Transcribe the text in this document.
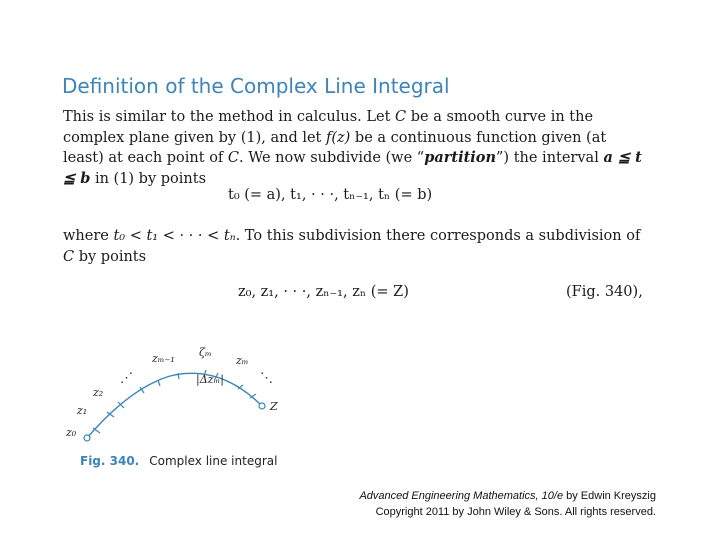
Definition of the Complex Line Integral
This is similar to the method in calculus. Let C be a smooth curve in the complex plane given by (1), and let f(z) be a continuous function given (at least) at each point of C. We now subdivide (we “partition”) the interval a ≦ t ≦ b in (1) by points
t₀ (= a), t₁, · · ·, tₙ₋₁, tₙ (= b)
where t₀ < t₁ < · · · < tₙ. To this subdivision there corresponds a subdivision of C by points
z₀, z₁, · · ·, zₙ₋₁, zₙ (= Z)	(Fig. 340),
z₀
z₁
z₂
zₘ₋₁ ζₘ
zₘ
|Δzₘ|
Z
⋰	⋱
Fig. 340. Complex line integral
Advanced Engineering Mathematics, 10/e by Edwin Kreyszig
Copyright 2011 by John Wiley & Sons. All rights reserved.
